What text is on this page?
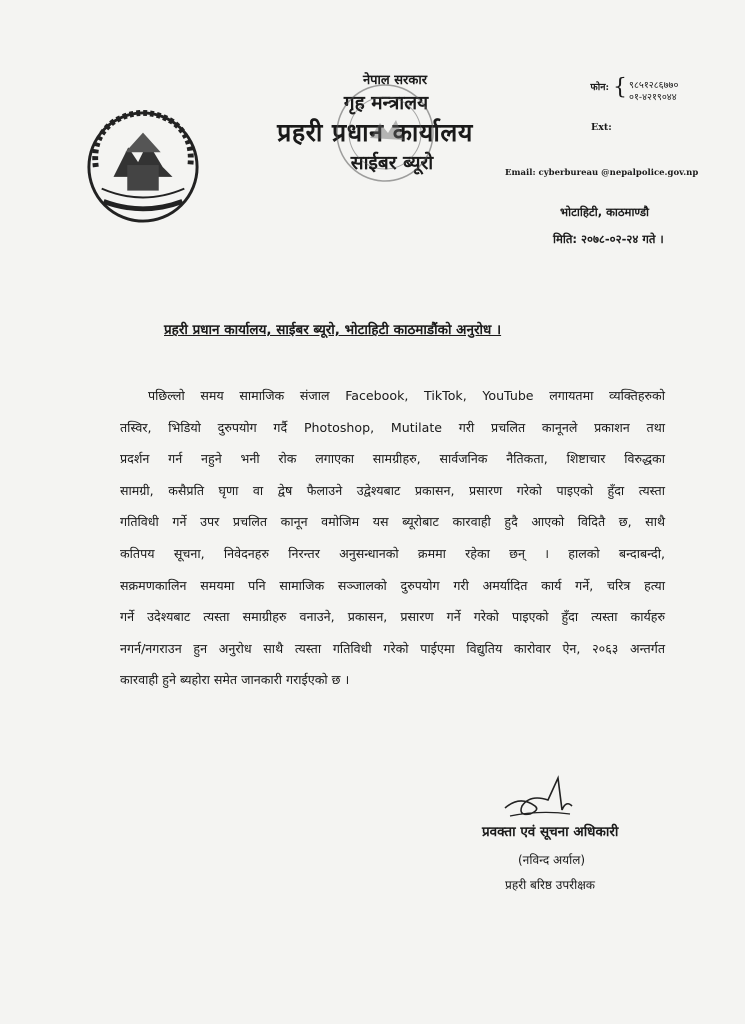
नेपाल सरकार
गृह मन्त्रालय
प्रहरी प्रधान कार्यालय
साईबर ब्यूरो
फोन: { ९८५१२८६७७०
०१-४२१९०४४
Ext:
Email: cyberbureau @nepalpolice.gov.np
भोटाहिटी, काठमाण्डौ
मिति: २०७८-०२-२४ गते ।
प्रहरी प्रधान कार्यालय, साईबर ब्यूरो, भोटाहिटी काठमाडौंको अनुरोध ।
पछिल्लो समय सामाजिक संजाल Facebook, TikTok, YouTube लगायतमा व्यक्तिहरुको
तस्विर, भिडियो दुरुपयोग गर्दै Photoshop, Mutilate गरी प्रचलित कानूनले प्रकाशन तथा
प्रदर्शन गर्न नहुने भनी रोक लगाएका सामग्रीहरु, सार्वजनिक नैतिकता, शिष्टाचार विरुद्धका
सामग्री, कसैप्रति घृणा वा द्वेष फैलाउने उद्वेश्यबाट प्रकासन, प्रसारण गरेको पाइएको हुँदा त्यस्ता
गतिविधी गर्ने उपर प्रचलित कानून वमोजिम यस ब्यूरोबाट कारवाही हुदै आएको विदितै छ, साथै
कतिपय सूचना, निवेदनहरु निरन्तर अनुसन्धानको क्रममा रहेका छन् । हालको बन्दाबन्दी,
सक्रमणकालिन समयमा पनि सामाजिक सञ्जालको दुरुपयोग गरी अमर्यादित कार्य गर्ने, चरित्र हत्या
गर्ने उदेश्यबाट त्यस्ता समाग्रीहरु वनाउने, प्रकासन, प्रसारण गर्ने गरेको पाइएको हुँदा त्यस्ता कार्यहरु
नगर्न/नगराउन हुन अनुरोध साथै त्यस्ता गतिविधी गरेको पाईएमा विद्युतिय कारोवार ऐन, २०६३ अन्तर्गत
कारवाही हुने ब्यहोरा समेत जानकारी गराईएको छ ।
प्रवक्ता एवं सूचना अधिकारी
(नविन्द अर्याल)
प्रहरी बरिष्ठ उपरीक्षक
